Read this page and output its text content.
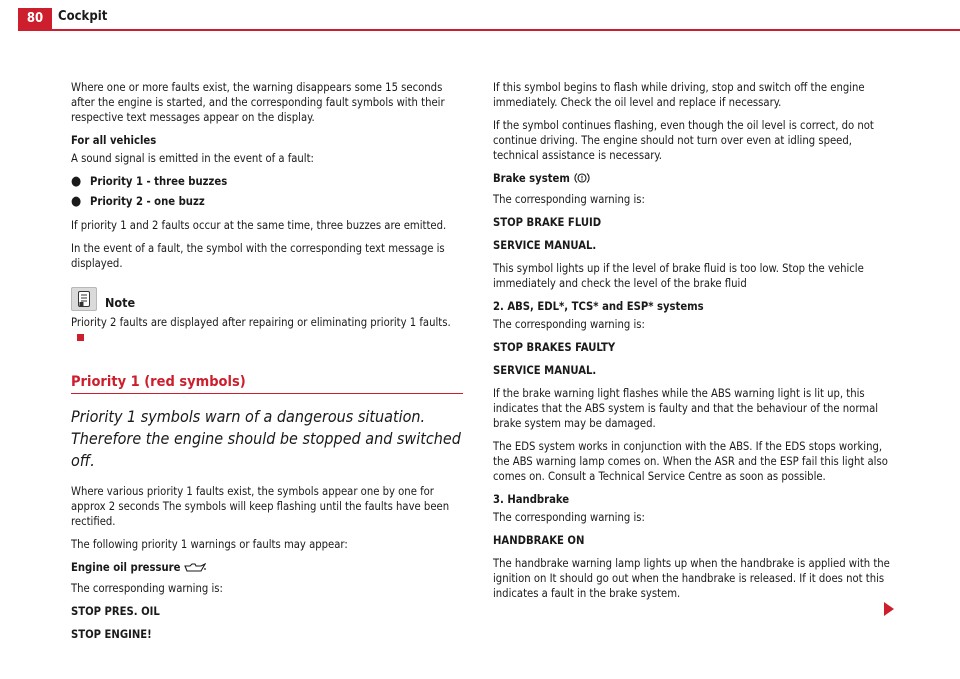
80	Cockpit

Where one or more faults exist, the warning disappears some 15 seconds after the engine is started, and the corresponding fault symbols with their respective text messages appear on the display.

For all vehicles

A sound signal is emitted in the event of a fault:

● Priority 1 - three buzzes
● Priority 2 - one buzz

If priority 1 and 2 faults occur at the same time, three buzzes are emitted.

In the event of a fault, the symbol with the corresponding text message is displayed.

Note

Priority 2 faults are displayed after repairing or eliminating priority 1 faults.

Priority 1 (red symbols)

Priority 1 symbols warn of a dangerous situation. Therefore the engine should be stopped and switched off.

Where various priority 1 faults exist, the symbols appear one by one for approx 2 seconds The symbols will keep flashing until the faults have been rectified.

The following priority 1 warnings or faults may appear:

Engine oil pressure

The corresponding warning is:

STOP PRES. OIL

STOP ENGINE!

If this symbol begins to flash while driving, stop and switch off the engine immediately. Check the oil level and replace if necessary.

If the symbol continues flashing, even though the oil level is correct, do not continue driving. The engine should not turn over even at idling speed, technical assistance is necessary.

Brake system

The corresponding warning is:

STOP BRAKE FLUID

SERVICE MANUAL.

This symbol lights up if the level of brake fluid is too low. Stop the vehicle immediately and check the level of the brake fluid

2. ABS, EDL*, TCS* and ESP* systems

The corresponding warning is:

STOP BRAKES FAULTY

SERVICE MANUAL.

If the brake warning light flashes while the ABS warning light is lit up, this indicates that the ABS system is faulty and that the behaviour of the normal brake system may be damaged.

The EDS system works in conjunction with the ABS. If the EDS stops working, the ABS warning lamp comes on. When the ASR and the ESP fail this light also comes on. Consult a Technical Service Centre as soon as possible.

3. Handbrake

The corresponding warning is:

HANDBRAKE ON

The handbrake warning lamp lights up when the handbrake is applied with the ignition on It should go out when the handbrake is released. If it does not this indicates a fault in the brake system.
